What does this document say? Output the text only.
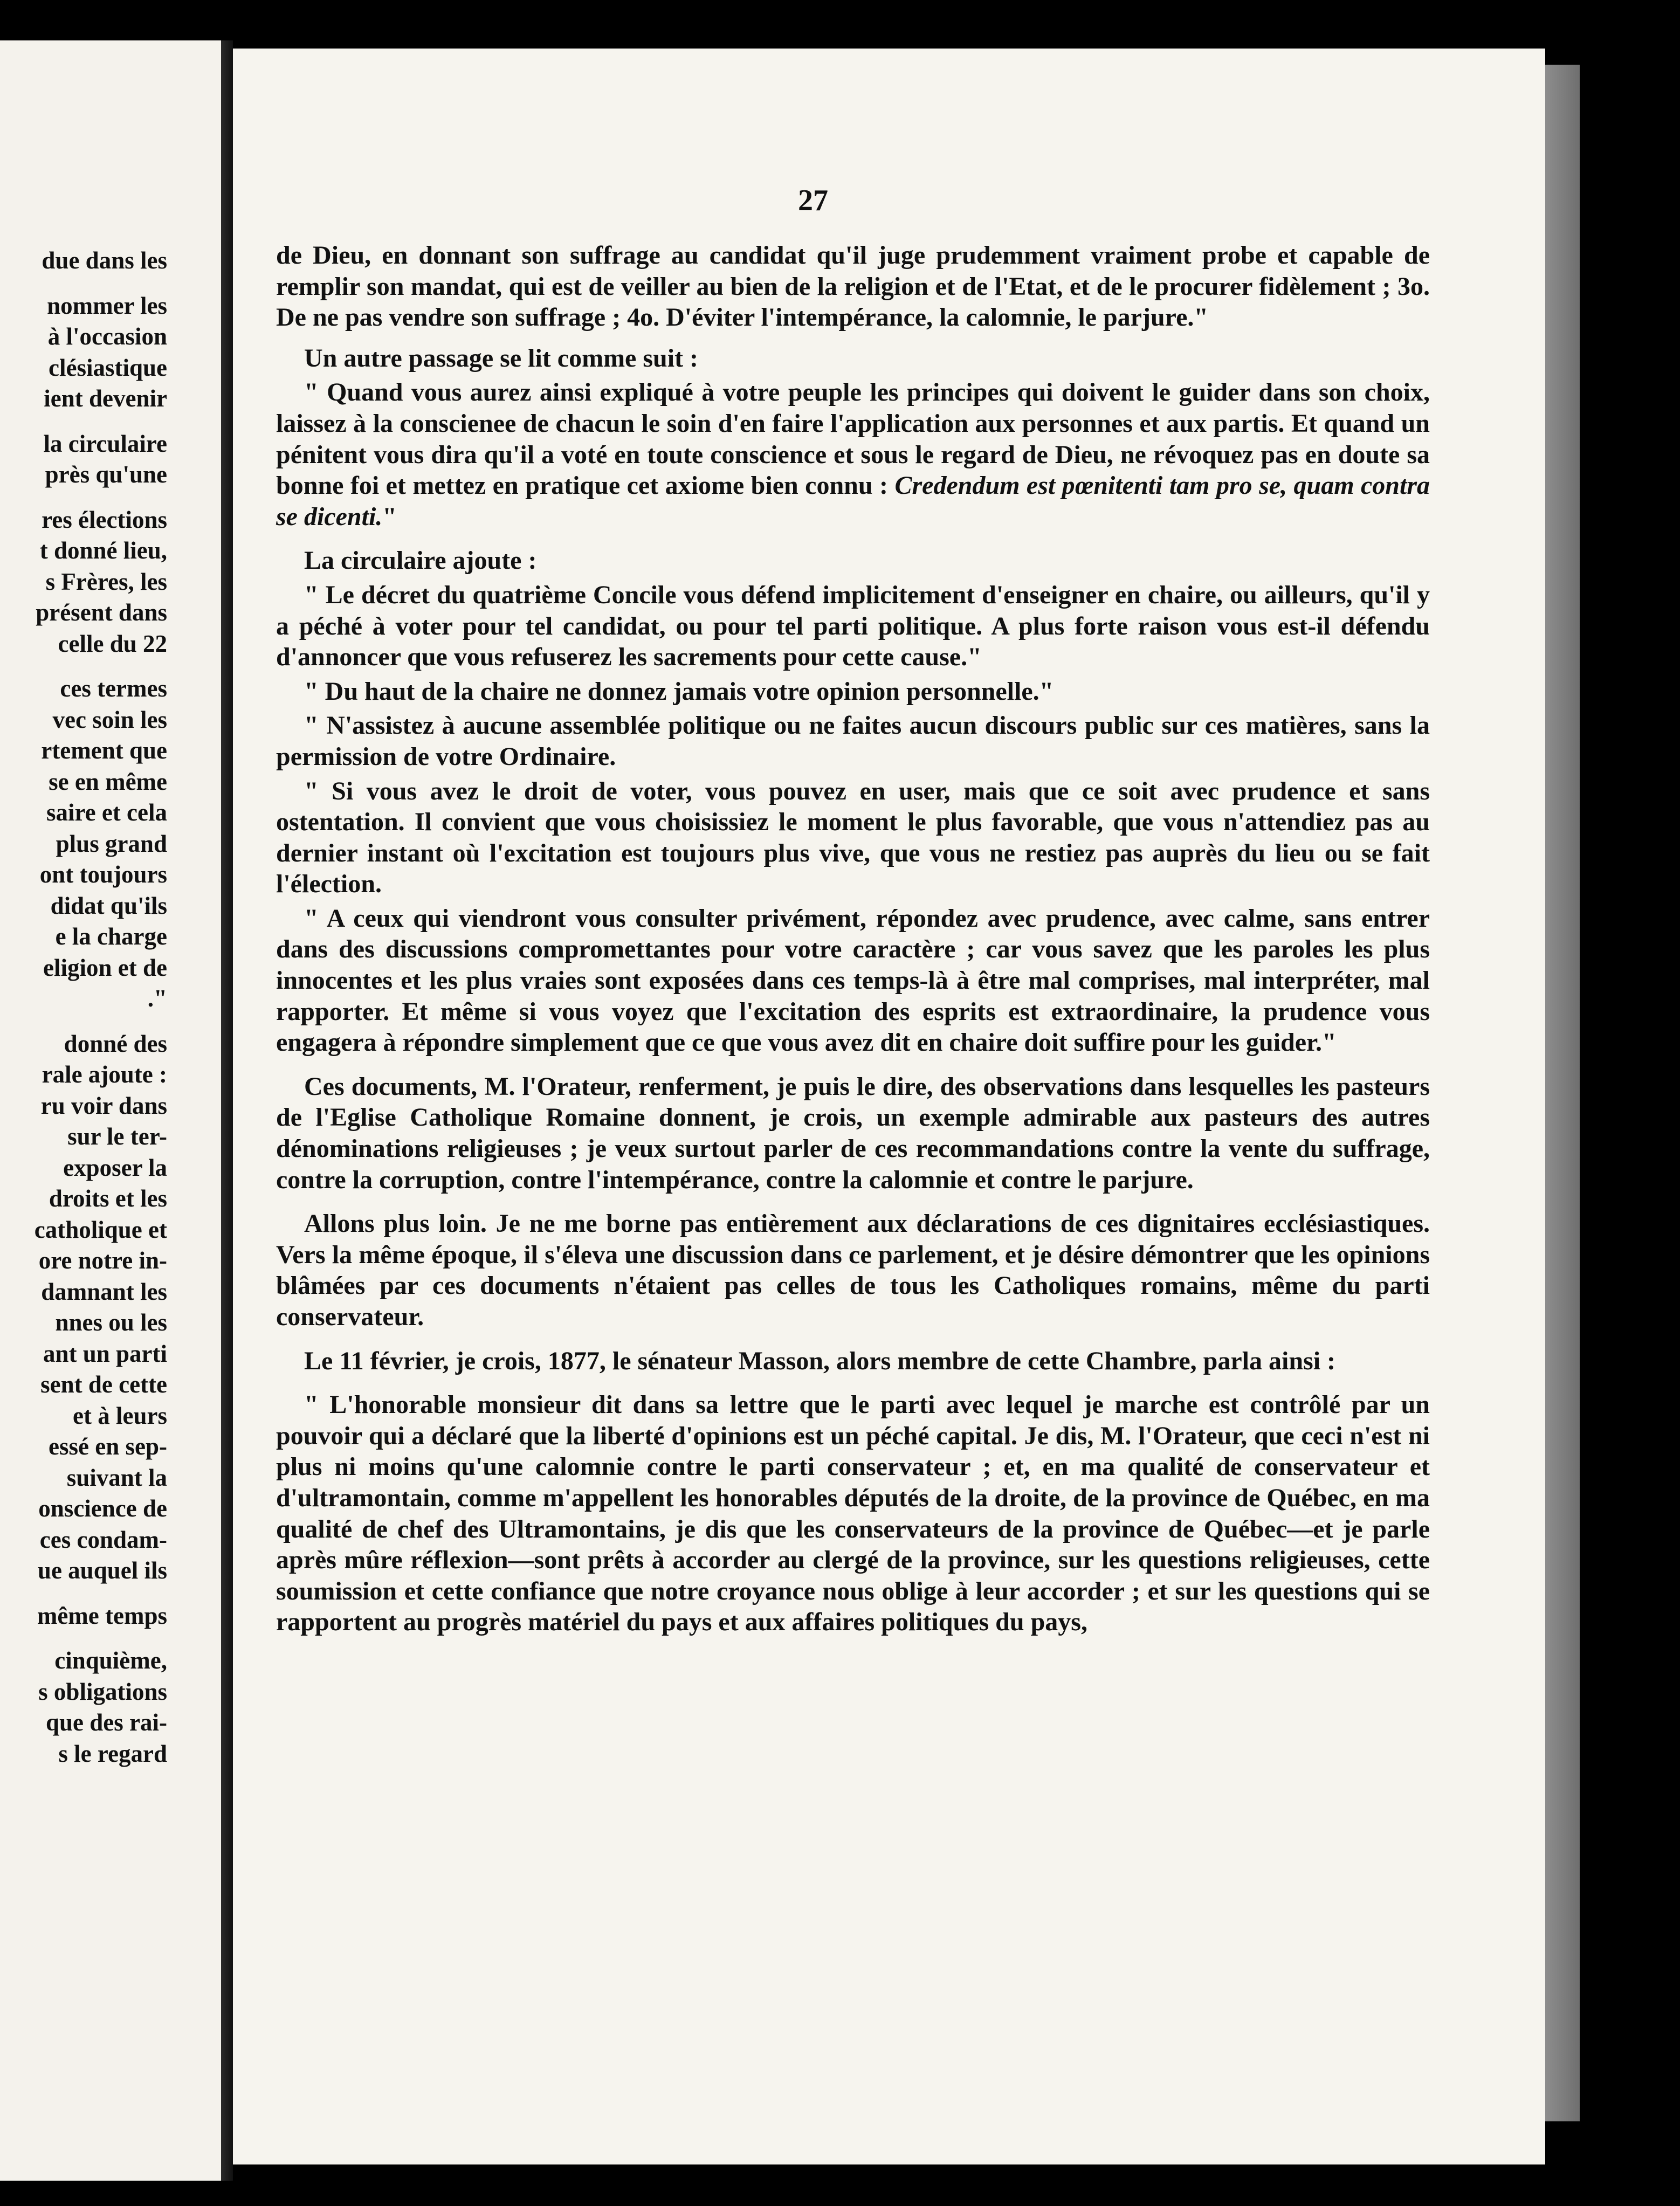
due dans les
nommer les
à l'occasion
clésiastique
ient devenir
la circulaire
près qu'une
res élections
t donné lieu,
s Frères, les
présent dans
celle du 22
ces termes
vec soin les
rtement que
se en même
saire et cela
plus grand
ont toujours
didat qu'ils
e la charge
eligion et de
."
donné des
rale ajoute :
ru voir dans
sur le ter-
exposer la
droits et les
catholique et
ore notre in-
damnant les
nnes ou les
ant un parti
sent de cette
et à leurs
essé en sep-
suivant la
onscience de
ces condam-
ue auquel ils
même temps
cinquième,
s obligations
que des rai-
s le regard
27

de Dieu, en donnant son suffrage au candidat qu'il juge prudemment vraiment probe et capable de remplir son mandat, qui est de veiller au bien de la religion et de l'Etat, et de le procurer fidèlement ; 3o. De ne pas vendre son suffrage ; 4o. D'éviter l'intempérance, la calomnie, le parjure."

Un autre passage se lit comme suit :

" Quand vous aurez ainsi expliqué à votre peuple les principes qui doivent le guider dans son choix, laissez à la conscienee de chacun le soin d'en faire l'application aux personnes et aux partis. Et quand un pénitent vous dira qu'il a voté en toute conscience et sous le regard de Dieu, ne révoquez pas en doute sa bonne foi et mettez en pratique cet axiome bien connu : Credendum est pœnitenti tam pro se, quam contra se dicenti."

La circulaire ajoute :

" Le décret du quatrième Concile vous défend implicitement d'enseigner en chaire, ou ailleurs, qu'il y a péché à voter pour tel candidat, ou pour tel parti politique. A plus forte raison vous est-il défendu d'annoncer que vous refuserez les sacrements pour cette cause."

" Du haut de la chaire ne donnez jamais votre opinion personnelle."

" N'assistez à aucune assemblée politique ou ne faites aucun discours public sur ces matières, sans la permission de votre Ordinaire.

" Si vous avez le droit de voter, vous pouvez en user, mais que ce soit avec prudence et sans ostentation. Il convient que vous choisissiez le moment le plus favorable, que vous n'attendiez pas au dernier instant où l'excitation est toujours plus vive, que vous ne restiez pas auprès du lieu ou se fait l'élection.

" A ceux qui viendront vous consulter privément, répondez avec prudence, avec calme, sans entrer dans des discussions compromettantes pour votre caractère ; car vous savez que les paroles les plus innocentes et les plus vraies sont exposées dans ces temps-là à être mal comprises, mal interpréter, mal rapporter. Et même si vous voyez que l'excitation des esprits est extraordinaire, la prudence vous engagera à répondre simplement que ce que vous avez dit en chaire doit suffire pour les guider."

Ces documents, M. l'Orateur, renferment, je puis le dire, des observations dans lesquelles les pasteurs de l'Eglise Catholique Romaine donnent, je crois, un exemple admirable aux pasteurs des autres dénominations religieuses ; je veux surtout parler de ces recommandations contre la vente du suffrage, contre la corruption, contre l'intempérance, contre la calomnie et contre le parjure.

Allons plus loin. Je ne me borne pas entièrement aux déclarations de ces dignitaires ecclésiastiques. Vers la même époque, il s'éleva une discussion dans ce parlement, et je désire démontrer que les opinions blâmées par ces documents n'étaient pas celles de tous les Catholiques romains, même du parti conservateur.

Le 11 février, je crois, 1877, le sénateur Masson, alors membre de cette Chambre, parla ainsi :

" L'honorable monsieur dit dans sa lettre que le parti avec lequel je marche est contrôlé par un pouvoir qui a déclaré que la liberté d'opinions est un péché capital. Je dis, M. l'Orateur, que ceci n'est ni plus ni moins qu'une calomnie contre le parti conservateur ; et, en ma qualité de conservateur et d'ultramontain, comme m'appellent les honorables députés de la droite, de la province de Québec, en ma qualité de chef des Ultramontains, je dis que les conservateurs de la province de Québec—et je parle après mûre réflexion—sont prêts à accorder au clergé de la province, sur les questions religieuses, cette soumission et cette confiance que notre croyance nous oblige à leur accorder ; et sur les questions qui se rapportent au progrès matériel du pays et aux affaires politiques du pays,
